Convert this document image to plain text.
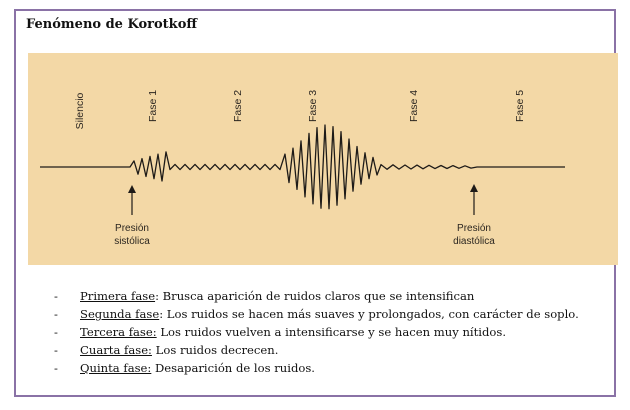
Fenómeno de Korotkoff
Silencio	Fase 1	Fase 2	Fase 3	Fase 4	Fase 5
Presión
sistólica
Presión
diastólica
-	Primera fase : Brusca aparición de ruidos claros que se intensifican
-	Segunda fase : Los ruidos se hacen más suaves y prolongados, con carácter de soplo.
-	Tercera fase: Los ruidos vuelven a intensificarse y se hacen muy nítidos.
-	Cuarta fase: Los ruidos decrecen.
-	Quinta fase: Desaparición de los ruidos.
